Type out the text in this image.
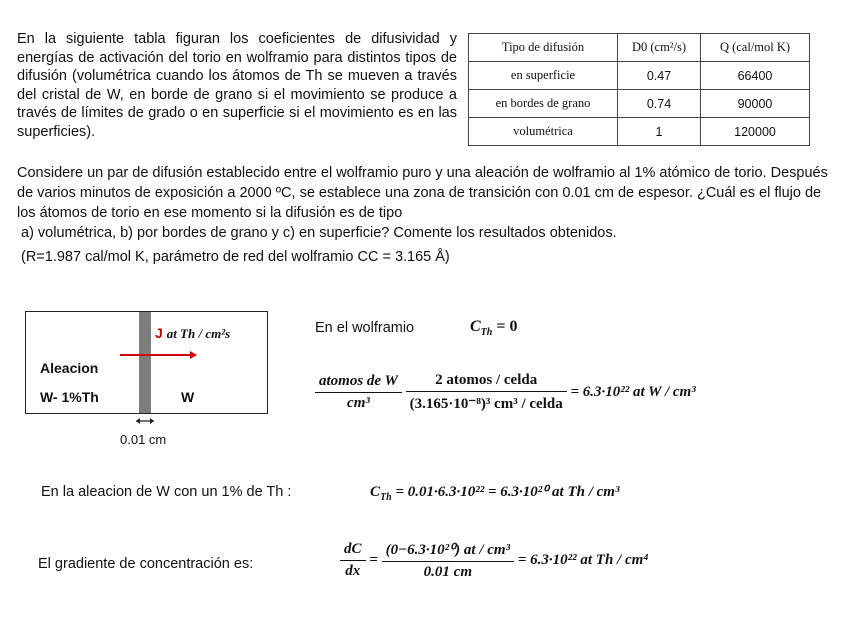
En la siguiente tabla figuran los coeficientes de difusividad y energías de activación del torio en wolframio para distintos tipos de difusión (volumétrica cuando los átomos de Th se mueven a través del cristal de W, en borde de grano si el movimiento se produce a través de límites de grado o en superficie si el movimiento es en las superficies).
Tipo de difusión	D0 (cm²/s)	Q (cal/mol K)
en superficie	0.47	66400
en bordes de grano	0.74	90000
volumétrica	1	120000
Considere un par de difusión establecido entre el wolframio puro y una aleación de wolframio al 1% atómico de torio. Después de varios minutos de exposición a 2000 ºC, se establece una zona de transición con 0.01 cm de espesor. ¿Cuál es el flujo de los átomos de torio en ese momento si la difusión es de tipo
a) volumétrica, b) por bordes de grano y c) en superficie? Comente los resultados obtenidos.
(R=1.987 cal/mol K, parámetro de red del wolframio CC = 3.165 Å)
J at Th / cm²s
Aleacion
W- 1%Th	W
0.01 cm
En el wolframio	$C_{Th} = 0$
$\frac{\text{atomos de W}}{\text{cm³}}$
$\frac{\text{2 atomos / celda}}{\text{(3.165·10⁻⁸)³ cm³ / celda}} = 6.3\cdot 10^{22}$ at W / cm³
En la aleacion de W con un 1% de Th :	$C_{Th} = 0.01\cdot 6.3\cdot 10^{22} = 6.3\cdot 10^{20}$ at Th / cm³
El gradiente de concentración es:	$\frac{dC}{dx} = \frac{\text{(0−6.3·10²⁰) at / cm³}}{0.01 cm} = 6.3\cdot 10^{22}$ at Th / cm⁴
